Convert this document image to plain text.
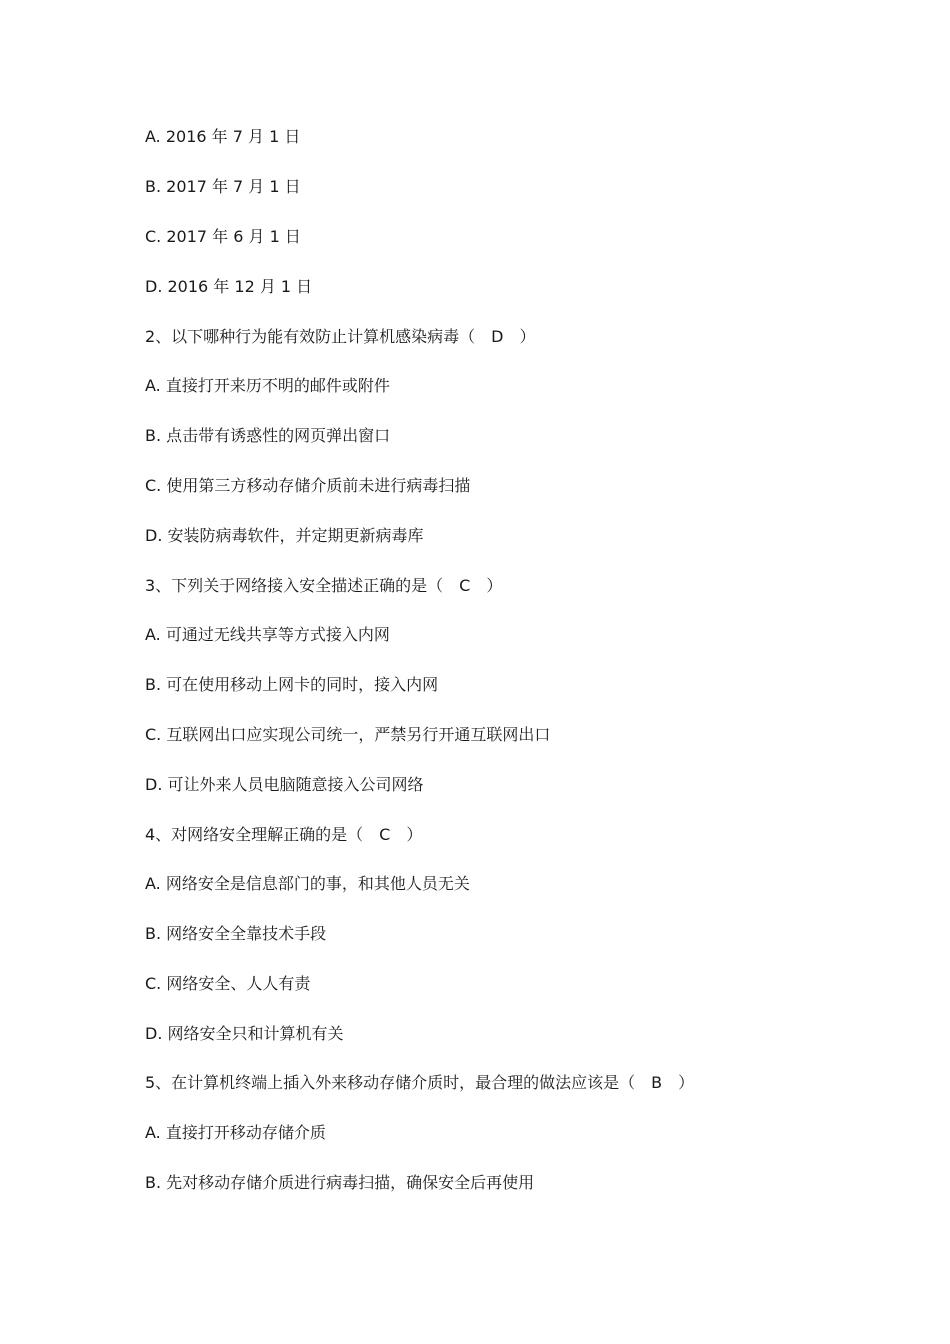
A. 2016 年 7 月 1 日
B. 2017 年 7 月 1 日
C. 2017 年 6 月 1 日
D. 2016 年 12 月 1 日
2、以下哪种行为能有效防止计算机感染病毒（　D　）
A. 直接打开来历不明的邮件或附件
B. 点击带有诱惑性的网页弹出窗口
C. 使用第三方移动存储介质前未进行病毒扫描
D. 安装防病毒软件，并定期更新病毒库
3、下列关于网络接入安全描述正确的是（　C　）
A. 可通过无线共享等方式接入内网
B. 可在使用移动上网卡的同时，接入内网
C. 互联网出口应实现公司统一，严禁另行开通互联网出口
D. 可让外来人员电脑随意接入公司网络
4、对网络安全理解正确的是（　C　）
A. 网络安全是信息部门的事，和其他人员无关
B. 网络安全全靠技术手段
C. 网络安全、人人有责
D. 网络安全只和计算机有关
5、在计算机终端上插入外来移动存储介质时，最合理的做法应该是（　B　）
A. 直接打开移动存储介质
B. 先对移动存储介质进行病毒扫描，确保安全后再使用
